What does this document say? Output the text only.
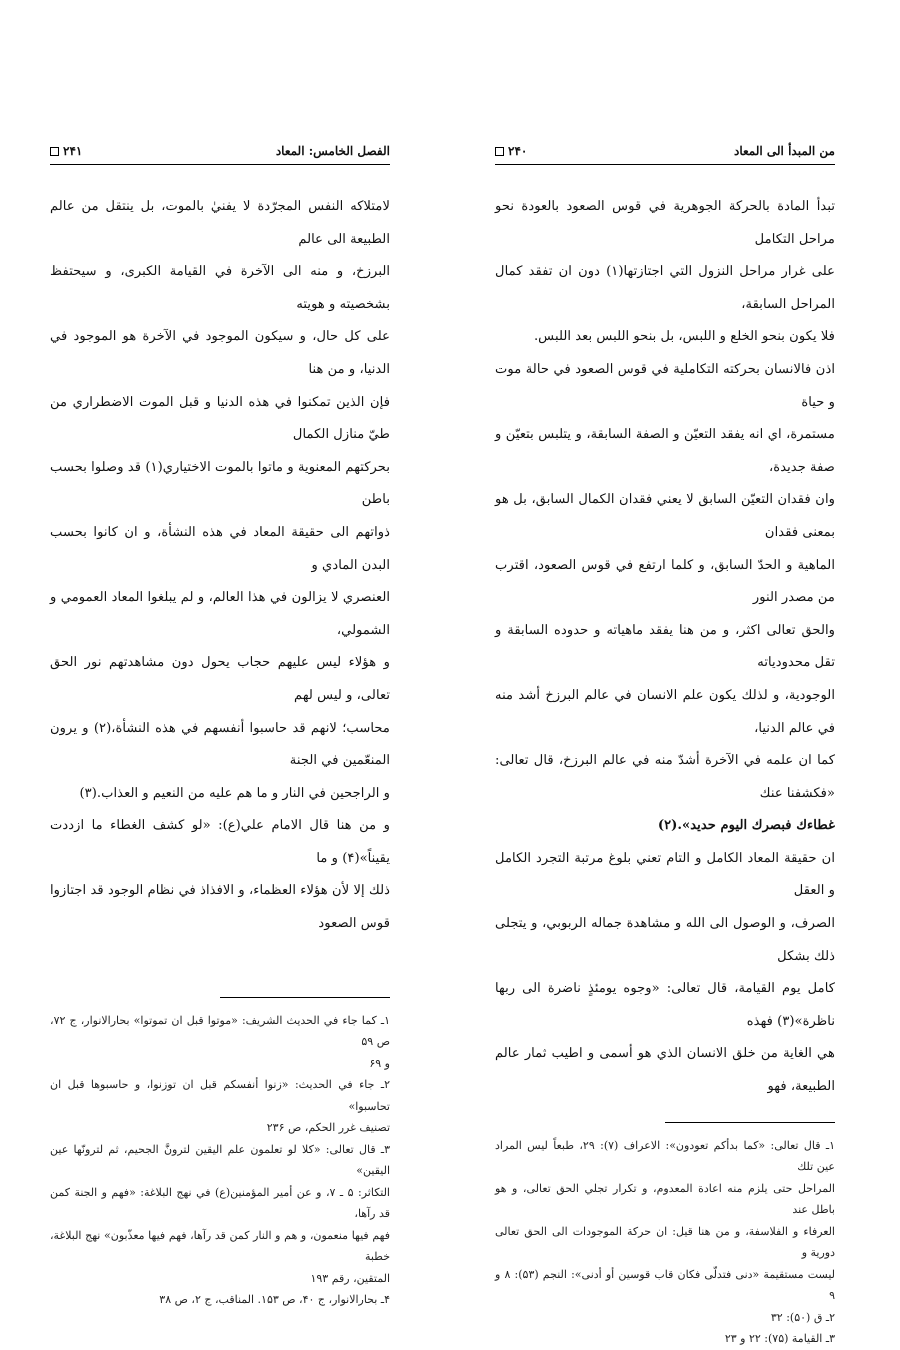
الفصل الخامس: المعاد
۲۴۱

لامتلاكه النفس المجرّدة لا يفنيٰ بالموت، بل ينتقل من عالم الطبيعة الى عالم

البرزخ، و منه الى الآخرة في القيامة الكبرى، و سيحتفظ بشخصيته و هويته

على كل حال، و سيكون الموجود في الآخرة هو الموجود في الدنيا، و من هنا

فإن الذين تمكنوا في هذه الدنيا و قبل الموت الاضطراري من طيّ منازل الكمال

بحركتهم المعنوية و ماتوا بالموت الاختياري(۱) قد وصلوا بحسب باطن

ذواتهم الى حقيقة المعاد في هذه النشأة، و ان كانوا بحسب البدن المادي و

العنصري لا يزالون في هذا العالم، و لم يبلغوا المعاد العمومي و الشمولي،

و هؤلاء ليس عليهم حجاب يحول دون مشاهدتهم نور الحق تعالى، و ليس لهم

محاسب؛ لانهم قد حاسبوا أنفسهم في هذه النشأة،(۲) و يرون المنعّمين في الجنة

و الراجحين في النار و ما هم عليه من النعيم و العذاب.(۳)

و من هنا قال الامام علي(ع): «لو كشف الغطاء ما ازددت يقيناً»(۴) و ما

ذلك إلا لأن هؤلاء العظماء، و الافذاذ في نظام الوجود قد اجتازوا قوس الصعود

۱ـ كما جاء في الحديث الشريف: «موتوا قبل ان تموتوا» بحارالانوار، ج ۷۲، ص ۵۹

و ۶۹

۲ـ جاء في الحديث: «زنوا أنفسكم قبل ان توزنوا، و حاسبوها قبل ان تحاسبوا»

تصنيف غرر الحكم، ص ۲۳۶

۳ـ قال تعالى: «كلا لو تعلمون علم اليقين لترونَّ الجحيم، ثم لترونّها عين اليقين»

التكاثر: ۵ ـ ۷، و عن أمير المؤمنين(ع) في نهج البلاغة: «فهم و الجنة كمن قد رآها،

فهم فيها منعمون، و هم و النار كمن قد رآها، فهم فيها معذّبون» نهج البلاغة، خطبة

المتقين، رقم ۱۹۳

۴ـ بحارالانوار، ج ۴۰، ص ۱۵۳. المناقب، ج ۲، ص ۳۸

من المبدأ الى المعاد
۲۴۰

تبدأ المادة بالحركة الجوهرية في قوس الصعود بالعودة نحو مراحل التكامل

على غرار مراحل النزول التي اجتازتها(۱) دون ان تفقد كمال المراحل السابقة،

فلا يكون بنحو الخلع و اللبس، بل بنحو اللبس بعد اللبس.

اذن فالانسان بحركته التكاملية في قوس الصعود في حالة موت و حياة

مستمرة، اي انه يفقد التعيّن و الصفة السابقة، و يتلبس بتعيّن و صفة جديدة،

وان فقدان التعيّن السابق لا يعني فقدان الكمال السابق، بل هو بمعنى فقدان

الماهية و الحدّ السابق، و كلما ارتفع في قوس الصعود، اقترب من مصدر النور

والحق تعالى اكثر، و من هنا يفقد ماهياته و حدوده السابقة و تقل محدودياته

الوجودية، و لذلك يكون علم الانسان في عالم البرزخ أشد منه في عالم الدنيا،

كما ان علمه في الآخرة أشدّ منه في عالم البرزخ، قال تعالى: «فكشفنا عنك

غطاءك فبصرك اليوم حديد».(۲)

ان حقيقة المعاد الكامل و التام تعني بلوغ مرتبة التجرد الكامل و العقل

الصرف، و الوصول الى الله و مشاهدة جماله الربوبي، و يتجلى ذلك بشكل

كامل يوم القيامة، قال تعالى: «وجوه يومئذٍ ناضرة الى ربها ناظرة»(۳) فهذه

هي الغاية من خلق الانسان الذي هو أسمى و اطيب ثمار عالم الطبيعة، فهو

۱ـ قال تعالى: «كما بدأكم تعودون»: الاعراف (۷): ۲۹، طبعاً ليس المراد عين تلك

المراحل حتى يلزم منه اعادة المعدوم، و تكرار تجلي الحق تعالى، و هو باطل عند

العرفاء و الفلاسفة، و من هنا قيل: ان حركة الموجودات الى الحق تعالى دورية و

ليست مستقيمة «دنى فتدلّى فكان قاب قوسين أو أدنى»: النجم (۵۳): ۸ و ۹

۲ـ ق (۵۰): ۳۲

۳ـ القيامة (۷۵): ۲۲ و ۲۳
